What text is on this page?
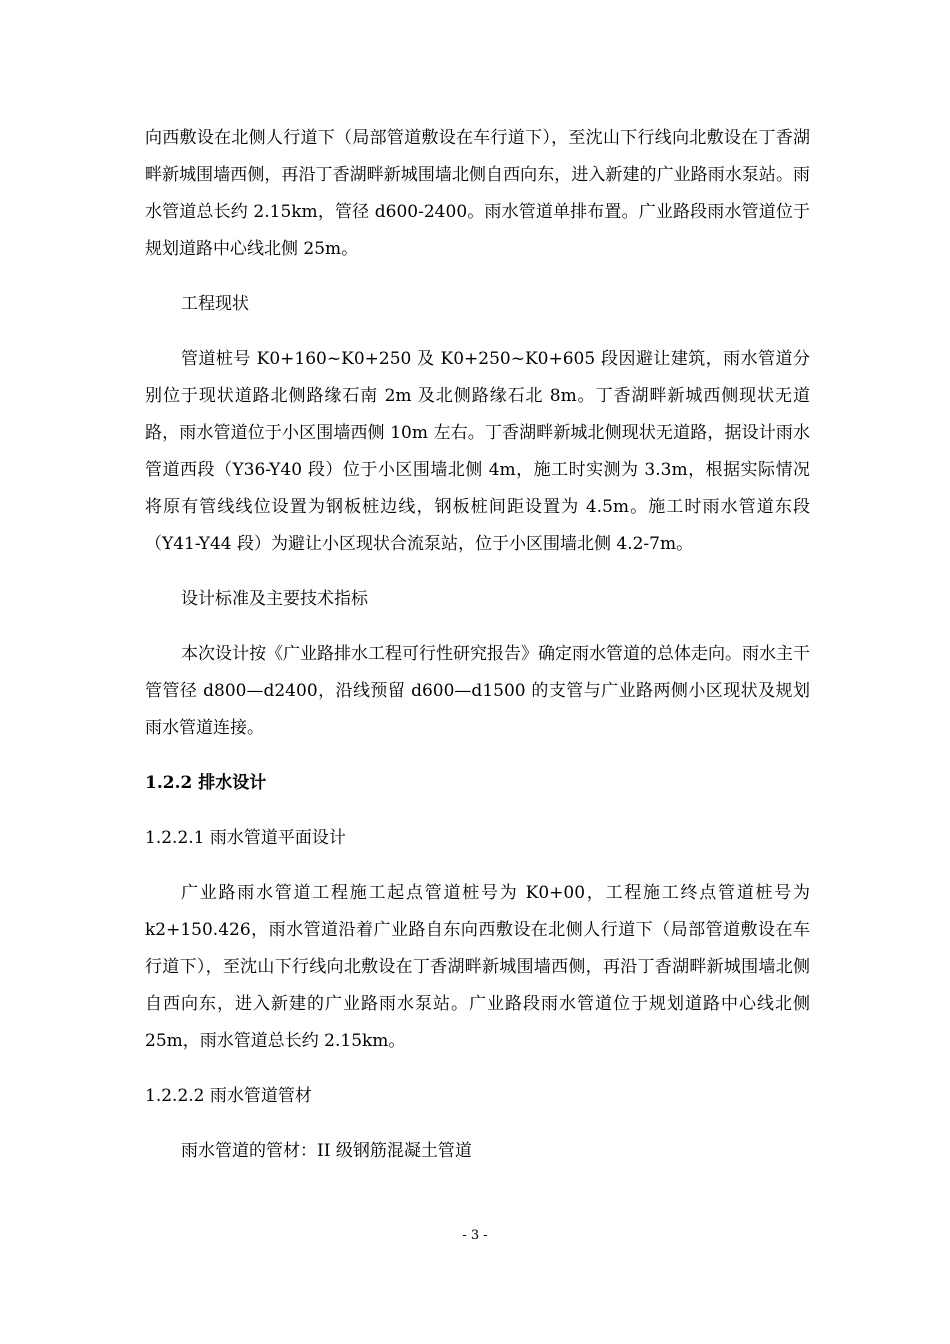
向西敷设在北侧人行道下（局部管道敷设在车行道下），至沈山下行线向北敷设在丁香湖畔新城围墙西侧，再沿丁香湖畔新城围墙北侧自西向东，进入新建的广业路雨水泵站。雨水管道总长约 2.15km，管径 d600-2400。雨水管道单排布置。广业路段雨水管道位于规划道路中心线北侧 25m。

工程现状

管道桩号 K0+160~K0+250 及 K0+250~K0+605 段因避让建筑，雨水管道分别位于现状道路北侧路缘石南 2m 及北侧路缘石北 8m。丁香湖畔新城西侧现状无道路，雨水管道位于小区围墙西侧 10m 左右。丁香湖畔新城北侧现状无道路，据设计雨水管道西段（Y36-Y40 段）位于小区围墙北侧 4m，施工时实测为 3.3m，根据实际情况将原有管线线位设置为钢板桩边线，钢板桩间距设置为 4.5m。施工时雨水管道东段（Y41-Y44 段）为避让小区现状合流泵站，位于小区围墙北侧 4.2-7m。

设计标准及主要技术指标

本次设计按《广业路排水工程可行性研究报告》确定雨水管道的总体走向。雨水主干管管径 d800—d2400，沿线预留 d600—d1500 的支管与广业路两侧小区现状及规划雨水管道连接。

1.2.2 排水设计

1.2.2.1 雨水管道平面设计

广业路雨水管道工程施工起点管道桩号为 K0+00，工程施工终点管道桩号为 k2+150.426，雨水管道沿着广业路自东向西敷设在北侧人行道下（局部管道敷设在车行道下），至沈山下行线向北敷设在丁香湖畔新城围墙西侧，再沿丁香湖畔新城围墙北侧自西向东，进入新建的广业路雨水泵站。广业路段雨水管道位于规划道路中心线北侧 25m，雨水管道总长约 2.15km。

1.2.2.2 雨水管道管材

雨水管道的管材：II 级钢筋混凝土管道

- 3 -
